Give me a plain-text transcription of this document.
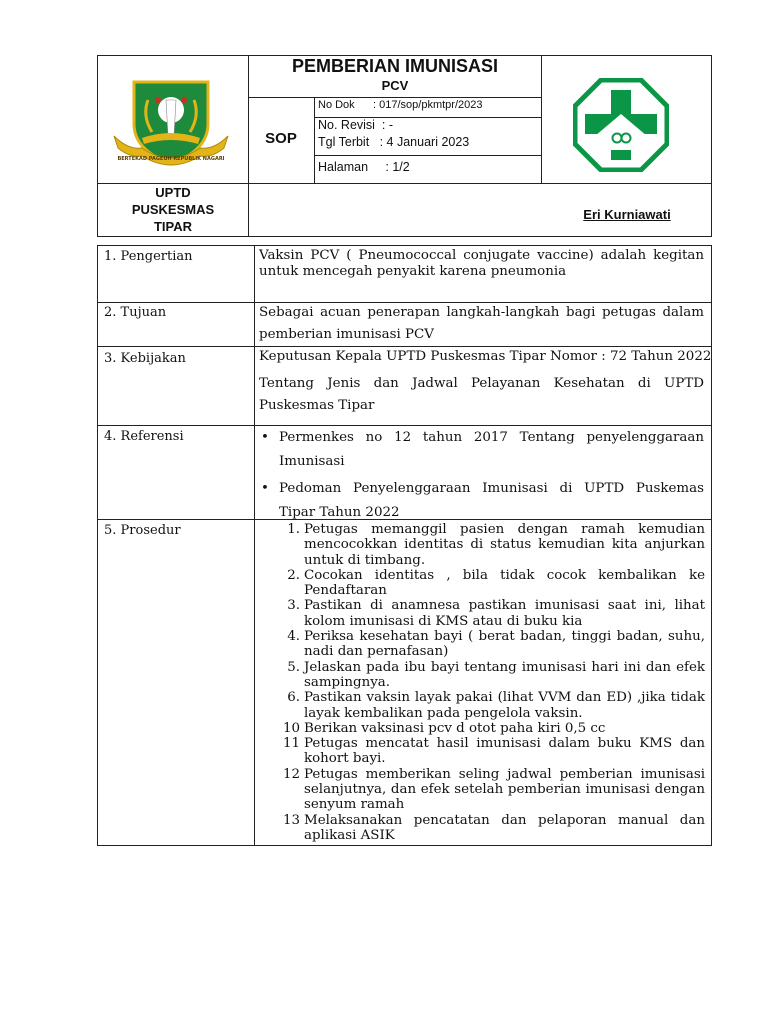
BERTEKAD PAGEUH REPUBLIK NAGARI
PEMBERIAN IMUNISASI
PCV
SOP
No Dok      : 017/sop/pkmtpr/2023
No. Revisi  : -
Tgl Terbit   : 4 Januari 2023
Halaman     : 1/2
UPTD
PUSKESMAS
TIPAR
Eri Kurniawati
1. Pengertian	Vaksin PCV ( Pneumococcal conjugate vaccine) adalah kegitan untuk mencegah penyakit karena pneumonia
2. Tujuan	Sebagai acuan penerapan langkah-langkah bagi petugas dalam pemberian imunisasi PCV
3. Kebijakan	Keputusan Kepala UPTD Puskesmas Tipar Nomor : 72 Tahun 2022
Tentang Jenis dan Jadwal Pelayanan Kesehatan di UPTD Puskesmas Tipar
4. Referensi
•	Permenkes no 12 tahun 2017 Tentang penyelenggaraan Imunisasi
• Pedoman Penyelenggaraan Imunisasi di UPTD Puskemas Tipar Tahun 2022
5. Prosedur	1. Petugas memanggil pasien dengan ramah kemudian mencocokkan identitas di status kemudian kita anjurkan untuk di timbang.
2. Cocokan identitas , bila tidak cocok kembalikan ke Pendaftaran
3. Pastikan di anamnesa pastikan imunisasi saat ini, lihat kolom imunisasi di KMS atau di buku kia
4. Periksa kesehatan bayi ( berat badan, tinggi badan, suhu, nadi dan pernafasan)
5. Jelaskan pada ibu bayi tentang imunisasi hari ini dan efek sampingnya.
6. Pastikan vaksin layak pakai (lihat VVM dan ED) ,jika tidak layak kembalikan pada pengelola vaksin.
10 Berikan vaksinasi pcv d otot paha kiri 0,5 cc
11 Petugas mencatat hasil imunisasi dalam buku KMS dan kohort bayi.
12 Petugas memberikan seling jadwal pemberian imunisasi selanjutnya, dan efek setelah pemberian imunisasi dengan senyum ramah
13 Melaksanakan pencatatan dan pelaporan manual dan aplikasi ASIK
